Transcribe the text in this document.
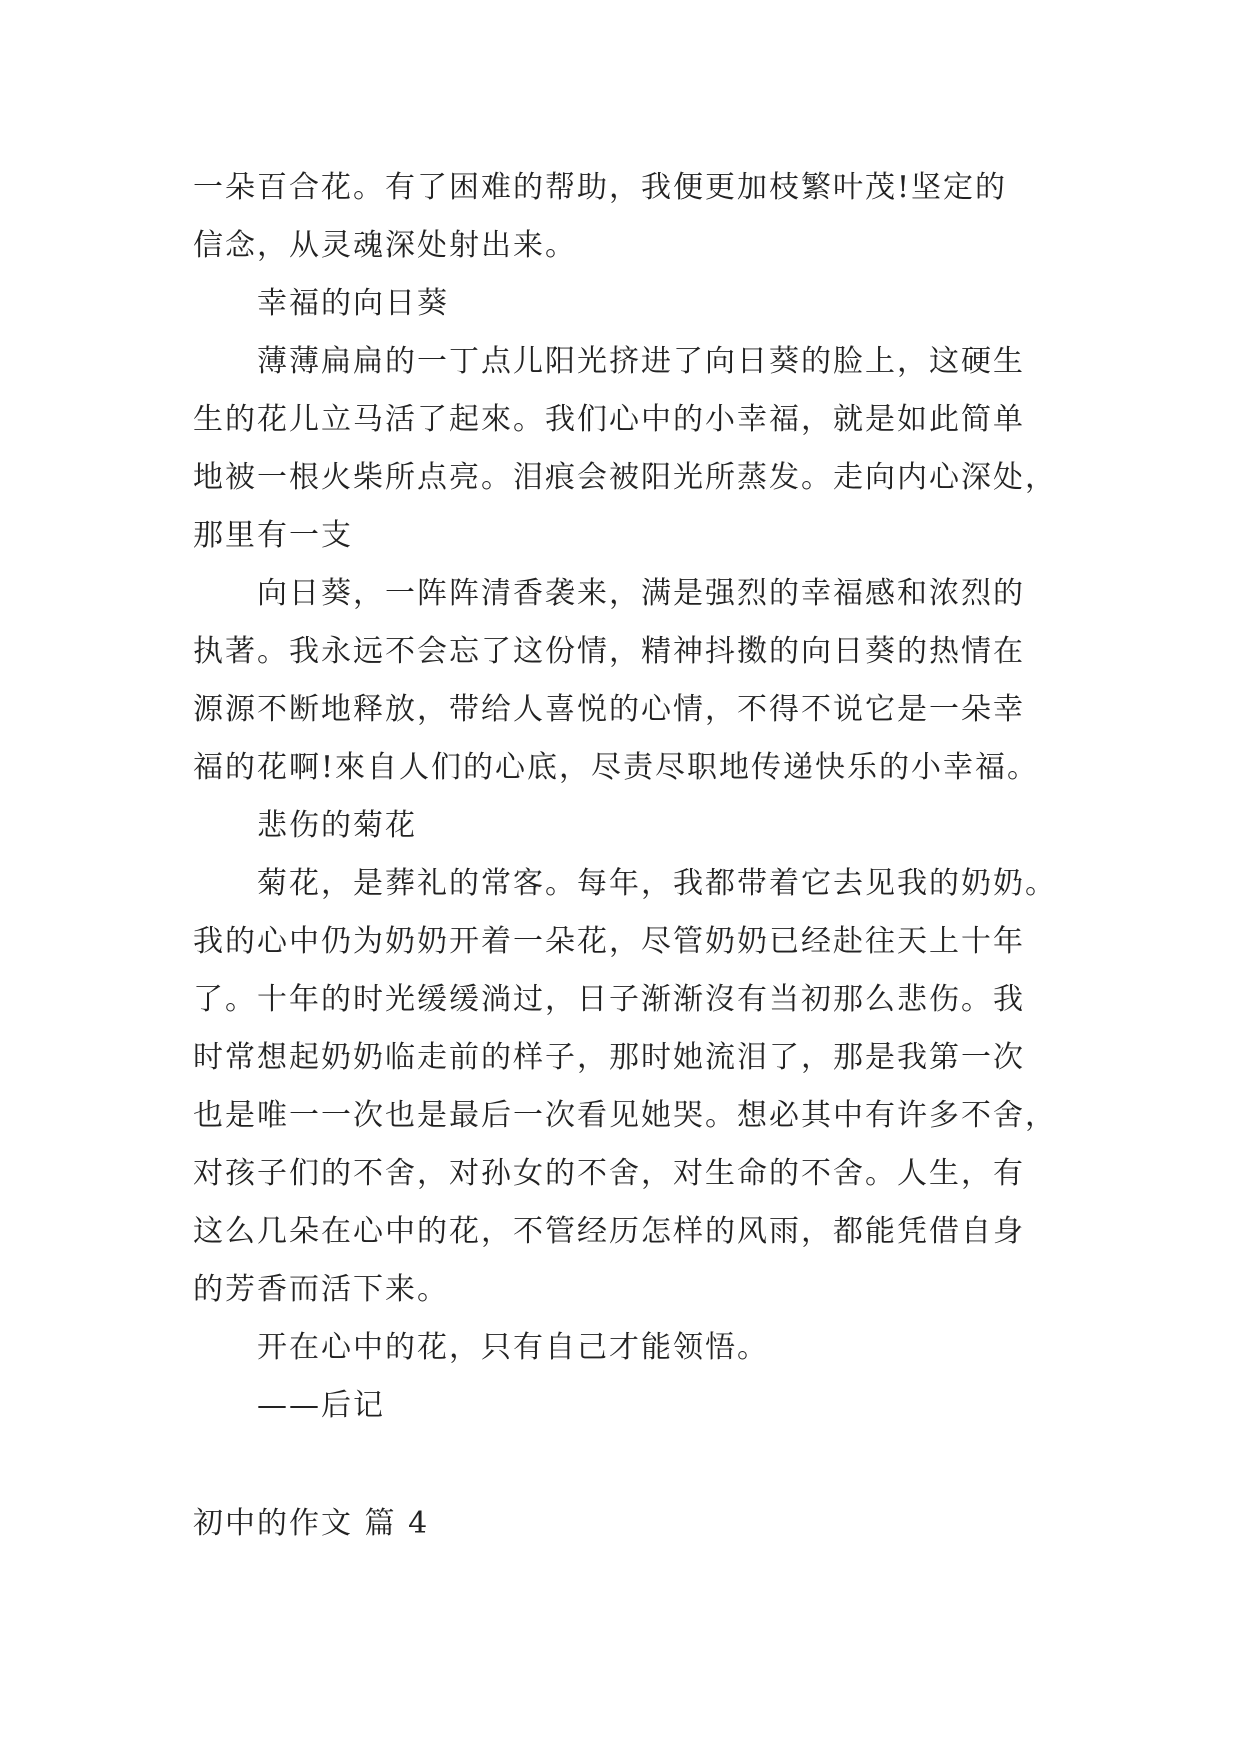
一朵百合花。有了困难的帮助，我便更加枝繁叶茂!坚定的
信念，从灵魂深处射出来。
幸福的向日葵
薄薄扁扁的一丁点儿阳光挤进了向日葵的脸上，这硬生
生的花儿立马活了起來。我们心中的小幸福，就是如此简单
地被一根火柴所点亮。泪痕会被阳光所蒸发。走向内心深处，
那里有一支
向日葵，一阵阵清香袭来，满是强烈的幸福感和浓烈的
执著。我永远不会忘了这份情，精神抖擞的向日葵的热情在
源源不断地释放，带给人喜悦的心情，不得不说它是一朵幸
福的花啊!來自人们的心底，尽责尽职地传递快乐的小幸福。
悲伤的菊花
菊花，是葬礼的常客。每年，我都带着它去见我的奶奶。
我的心中仍为奶奶开着一朵花，尽管奶奶已经赴往天上十年
了。十年的时光缓缓淌过，日子渐渐沒有当初那么悲伤。我
时常想起奶奶临走前的样子，那时她流泪了，那是我第一次
也是唯一一次也是最后一次看见她哭。想必其中有许多不舍，
对孩子们的不舍，对孙女的不舍，对生命的不舍。人生，有
这么几朵在心中的花，不管经历怎样的风雨，都能凭借自身
的芳香而活下来。
开在心中的花，只有自己才能领悟。
——后记
初中的作文 篇 4
